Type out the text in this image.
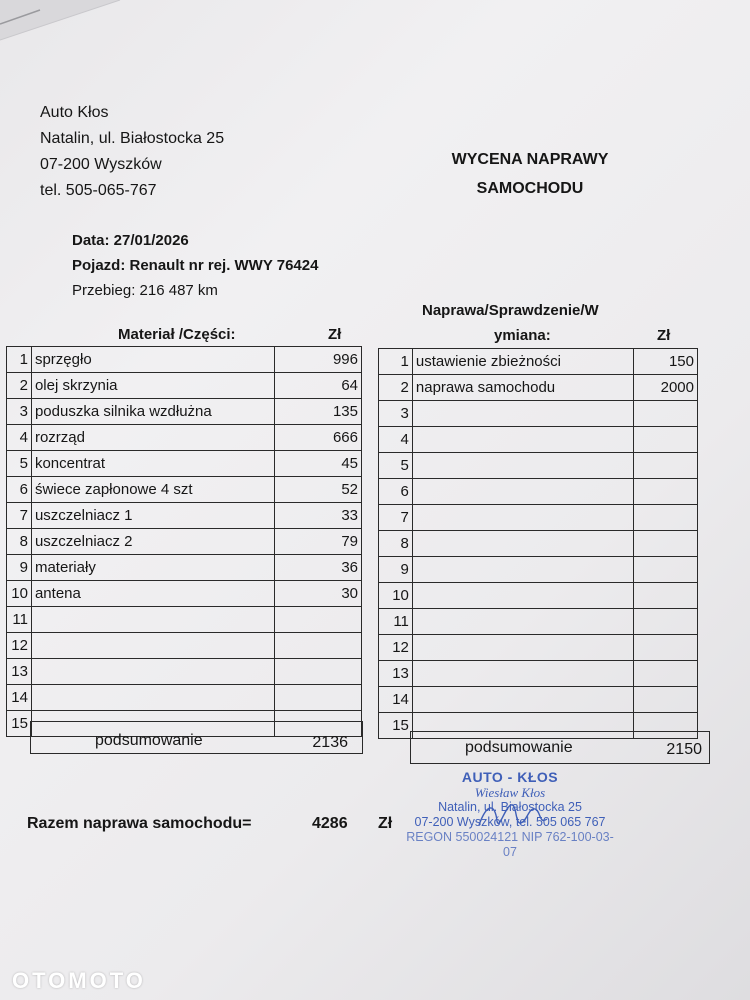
Auto Kłos
Natalin, ul. Białostocka 25
07-200 Wyszków
tel. 505-065-767
WYCENA NAPRAWY
SAMOCHODU
Data: 27/01/2026
Pojazd: Renault nr rej. WWY 76424
Przebieg: 216 487 km
Materiał /Części:	Zł
1	sprzęgło	996
2	olej skrzynia	64
3	poduszka silnika wzdłużna	135
4	rozrząd	666
5	koncentrat	45
6	świece zapłonowe 4 szt	52
7	uszczelniacz 1	33
8	uszczelniacz 2	79
9	materiały	36
10	antena	30
11		
12		
13		
14		
15		
podsumowanie	2136
Naprawa/Sprawdzenie/W
ymiana:	Zł
1	ustawienie zbieżności	150
2	naprawa samochodu	2000
3		
4		
5		
6		
7		
8		
9		
10		
11		
12		
13		
14		
15		
podsumowanie	2150
AUTO - KŁOS
Wiesław Kłos
Natalin, ul. Białostocka 25
07-200 Wyszków, tel. 505 065 767
REGON 550024121 NIP 762-100-03-07
Razem naprawa samochodu=	4286 Zł
OTOMOTO
